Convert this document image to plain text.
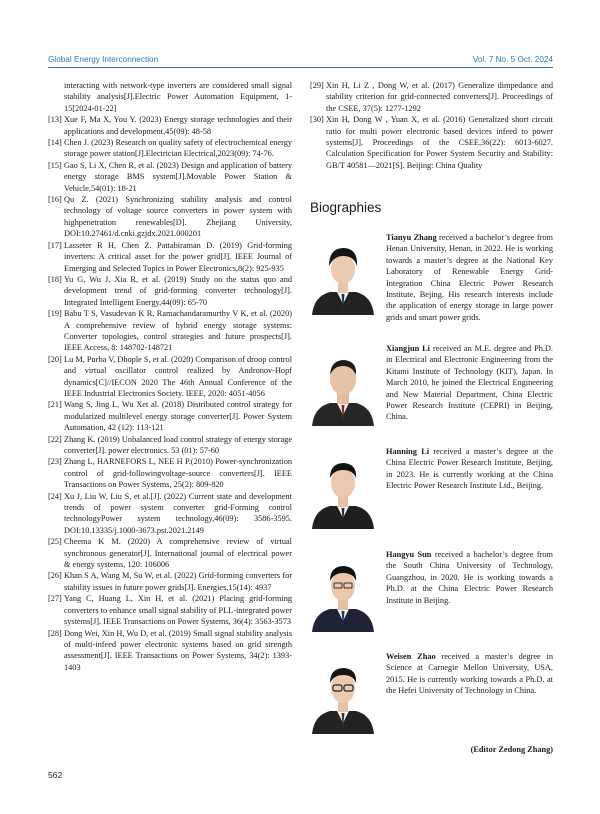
Global Energy Interconnection	Vol. 7 No. 5 Oct. 2024

interacting with network-type inverters are considered small signal stability analysis[J].Electric Power Automation Equipment, 1-15[2024-01-22]

[13] Xue F, Ma X, You Y. (2023) Energy storage technologies and their applications and development,45(09): 48-58

[14] Chen J. (2023) Research on quality safety of electrochemical energy storage power station[J].Electrician Electrical,2023(09): 74-76.

[15] Gao S, Li X, Chen R, et al. (2023) Design and application of battery energy storage BMS system[J].Movable Power Station & Vehicle,54(01): 18-21

[16] Qu Z. (2021) Synchronizing stability analysis and control technology of voltage source converters in power system with highpenetration renewables[D]. Zhejiang University, DOI:10.27461/d.cnki.gzjdx.2021.000201

[17] Lasseter R H, Chen Z. Pattabiraman D. (2019) Grid-forming inverters: A critical asset for the power grid[J]. IEEE Journal of Emerging and Selected Topics in Power Electronics,8(2): 925-935

[18] Yu G, Wu J, Xia R, et al. (2019) Study on the status quo and development trend of grid-forming converter technology[J]. Integrated Intelligent Energy,44(09): 65-70

[19] Babu T S, Vasudevan K R, Ramachandaramurthy V K, et al. (2020) A comprehensive review of hybrid energy storage systems: Converter topologies, control strategies and future prospects[J]. IEEE Access, 8: 148702-148721

[20] Lu M, Purba V, Dhople S, et al. (2020) Comparison of droop control and virtual oscillator control realized by Andronov-Hopf dynamics[C]//IECON 2020 The 46th Annual Conference of the IEEE Industrial Electronics Society. IEEE, 2020: 4051-4056

[21] Wang S, Jing L, Wu Xet al. (2018) Distributed control strategy for modularized multilevel energy storage converter[J]. Power System Automation, 42 (12): 113-121

[22] Zhang K. (2019) Unbalanced load control strategy of energy storage converter[J]. power electronics. 53 (01): 57-60

[23] Zhang L, HARNEFORS L, NEE H P.(2010) Power-synchronization control of grid-followingvoltage-source converters[J]. IEEE Transactions on Power Systems, 25(2): 809-820

[24] Xu J, Liu W, Liu S, et al.[J]. (2022) Current state and development trends of power system converter grid-Forming control technologyPower system technology,46(09): 3586-3595. DOI:10.13335/j.1000-3673.pst.2021.2149

[25] Cheema K M. (2020) A comprehensive review of virtual synchronous generator[J]. International journal of electrical power & energy systems, 120: 106006

[26] Khan S A, Wang M, Su W, et al. (2022) Grid-forming converters for stability issues in future power grids[J]. Energies,15(14): 4937

[27] Yang C, Huang L, Xin H, et al. (2021) Placing grid-forming converters to enhance small signal stability of PLL-integrated power systems[J]. IEEE Transactions on Power Systems, 36(4): 3563-3573

[28] Dong Wei, Xin H, Wu D, et al. (2019) Small signal stability analysis of multi-infeed power electronic systems based on grid strength assessment[J]. IEEE Transactions on Power Systems, 34(2): 1393-1403

[29] Xin H, Li Z , Dong W, et al. (2017) Generalize dimpedance and stability criterion for grid-connected converters[J]. Proceedings of the CSEE, 37(5): 1277-1292

[30] Xin H, Dong W , Yuan X, et al. (2016) Generalized short circuit ratio for multi power electronic based devices infeed to power systems[J]. Proceedings of the CSEE,36(22): 6013-6027. Calculation Specification for Power System Security and Stability: GB/T 40581—2021[S]. Beijing: China Quality

Biographies
Tianyu Zhang received a bachelor’s degree from Henan University, Henan, in 2022. He is working towards a master’s degree at the National Key Laboratory of Renewable Energy Grid-Integration China Electric Power Research Institute, Bejing. His research interests include the application of energy storage in large power grids and smart power grids.
Xiangjun Li received an M.E. degree and Ph.D. in Electrical and Electronic Engineering from the Kitami Institute of Technology (KIT), Japan. In March 2010, he joined the Electrical Engineering and New Material Department, China Electric Power Research Institute (CEPRI) in Beijing, China.
Hanning Li received a master’s degree at the China Electric Power Research Institute, Beijing, in 2023. He is currently working at the China Electric Power Research Institute Ltd., Beijing.
Hangyu Sun received a bachelor’s degree from the South China University of Technology, Guangzhou, in 2020. He is working towards a Ph.D. at the China Electric Power Research Institute in Beijing.
Weisen Zhao received a master’s degree in Science at Carnegie Mellon University, USA, 2015. He is currently working towards a Ph.D. at the Hefei University of Technology in China.
(Editor Zedong Zhang)
562
